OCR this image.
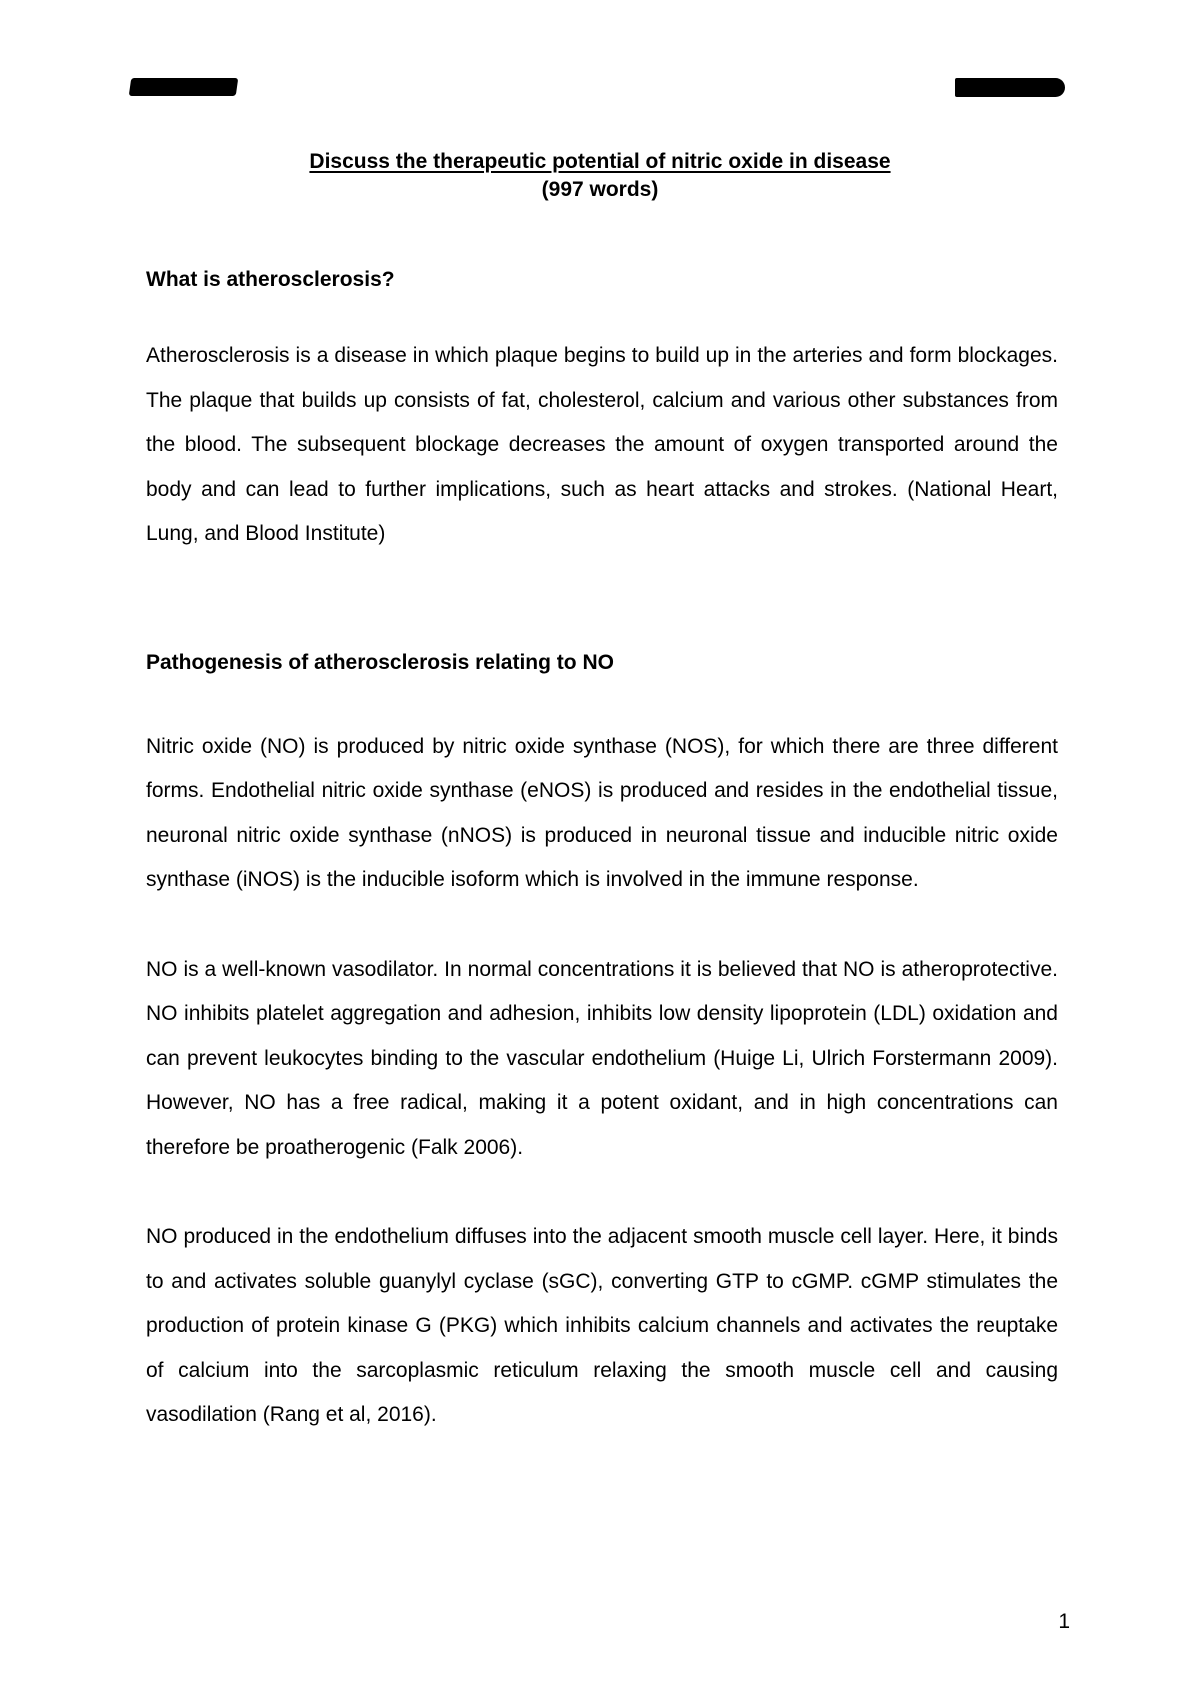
Discuss the therapeutic potential of nitric oxide in disease
(997 words)

What is atherosclerosis?

Atherosclerosis is a disease in which plaque begins to build up in the arteries and form blockages. The plaque that builds up consists of fat, cholesterol, calcium and various other substances from the blood. The subsequent blockage decreases the amount of oxygen transported around the body and can lead to further implications, such as heart attacks and strokes. (National Heart, Lung, and Blood Institute)

Pathogenesis of atherosclerosis relating to NO

Nitric oxide (NO) is produced by nitric oxide synthase (NOS), for which there are three different forms. Endothelial nitric oxide synthase (eNOS) is produced and resides in the endothelial tissue, neuronal nitric oxide synthase (nNOS) is produced in neuronal tissue and inducible nitric oxide synthase (iNOS) is the inducible isoform which is involved in the immune response.

NO is a well-known vasodilator. In normal concentrations it is believed that NO is atheroprotective. NO inhibits platelet aggregation and adhesion, inhibits low density lipoprotein (LDL) oxidation and can prevent leukocytes binding to the vascular endothelium (Huige Li, Ulrich Forstermann 2009). However, NO has a free radical, making it a potent oxidant, and in high concentrations can therefore be proatherogenic (Falk 2006).

NO produced in the endothelium diffuses into the adjacent smooth muscle cell layer. Here, it binds to and activates soluble guanylyl cyclase (sGC), converting GTP to cGMP. cGMP stimulates the production of protein kinase G (PKG) which inhibits calcium channels and activates the reuptake of calcium into the sarcoplasmic reticulum relaxing the smooth muscle cell and causing vasodilation (Rang et al, 2016).

1
